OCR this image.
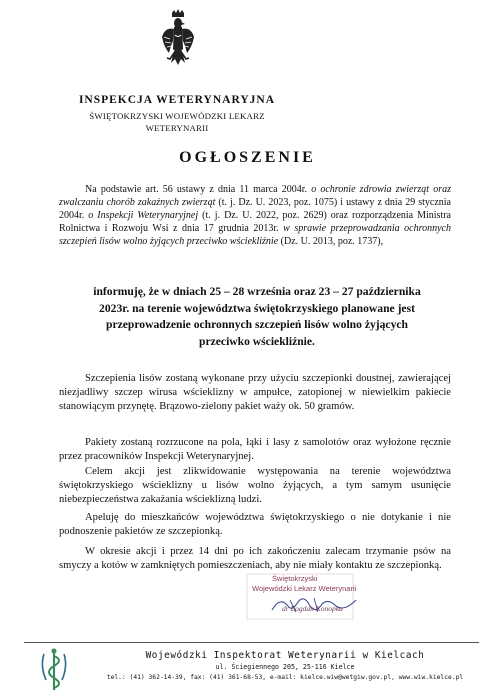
INSPEKCJA WETERYNARYJNA
ŚWIĘTOKRZYSKI WOJEWÓDZKI LEKARZ
WETERYNARII
OGŁOSZENIE

Na podstawie art. 56 ustawy z dnia 11 marca 2004r. o ochronie zdrowia zwierząt oraz zwalczaniu chorób zakaźnych zwierząt (t. j. Dz. U. 2023, poz. 1075) i ustawy z dnia 29 stycznia 2004r. o Inspekcji Weterynaryjnej (t. j. Dz. U. 2022, poz. 2629) oraz rozporządzenia Ministra Rolnictwa i Rozwoju Wsi z dnia 17 grudnia 2013r. w sprawie przeprowadzania ochronnych szczepień lisów wolno żyjących przeciwko wściekliźnie (Dz. U. 2013, poz. 1737),

informuję, że w dniach 25 – 28 września oraz 23 – 27 października 2023r. na terenie województwa świętokrzyskiego planowane jest przeprowadzenie ochronnych szczepień lisów wolno żyjących przeciwko wściekliźnie.

Szczepienia lisów zostaną wykonane przy użyciu szczepionki doustnej, zawierającej niezjadliwy szczep wirusa wścieklizny w ampułce, zatopionej w niewielkim pakiecie stanowiącym przynętę. Brązowo-zielony pakiet waży ok. 50 gramów.

Pakiety zostaną rozrzucone na pola, łąki i lasy z samolotów oraz wyłożone ręcznie przez pracowników Inspekcji Weterynaryjnej.

Celem akcji jest zlikwidowanie występowania na terenie województwa świętokrzyskiego wścieklizny u lisów wolno żyjących, a tym samym usunięcie niebezpieczeństwa zakażania wścieklizną ludzi.

Apeluję do mieszkańców województwa świętokrzyskiego o nie dotykanie i nie podnoszenie pakietów ze szczepionką.

W okresie akcji i przez 14 dni po ich zakończeniu zalecam trzymanie psów na smyczy a kotów w zamkniętych pomieszczeniach, aby nie miały kontaktu ze szczepionką.

Świętokrzyski
Wojewódzki Lekarz Weterynarii
dr Bogdan Konopka
Wojewódzki Inspektorat Weterynarii w Kielcach
ul. Ściegiennego 205, 25-116 Kielce
tel.: (41) 362-14-39, fax: (41) 361-68-53, e-mail: kielce.wiw@wetgiw.gov.pl, www.wiw.kielce.pl
